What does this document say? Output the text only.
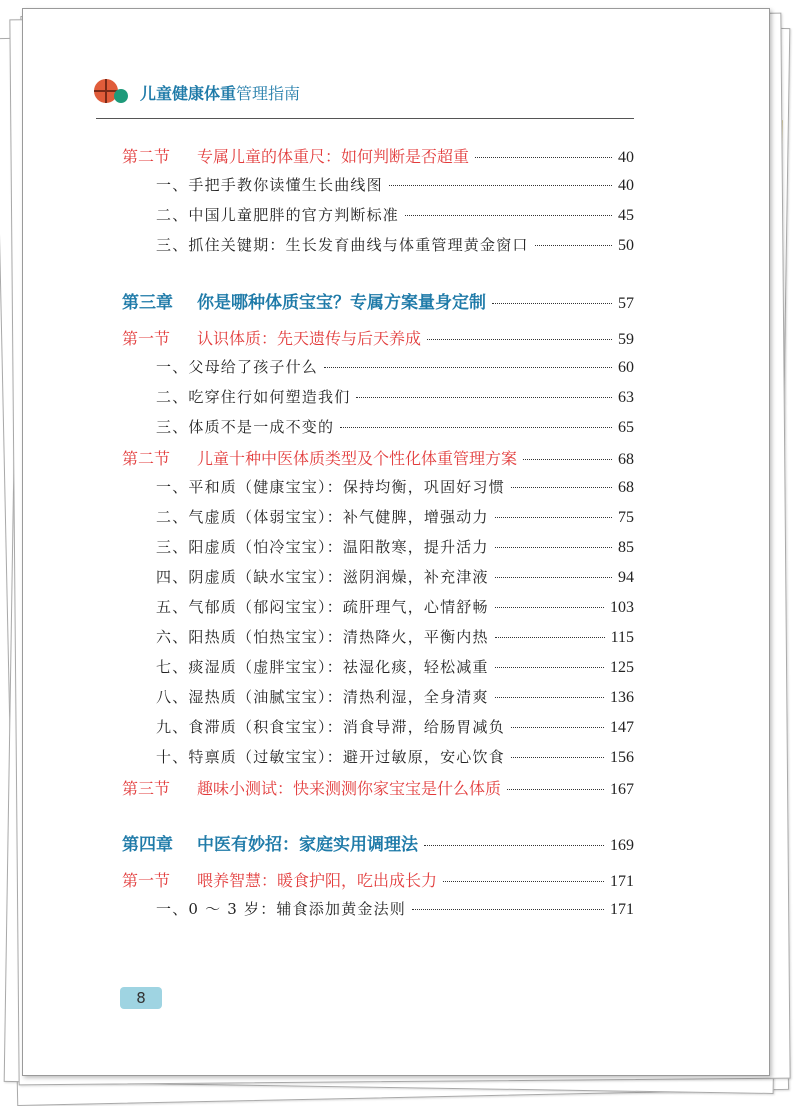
儿童健康体重 管理指南
第二节 专属儿童的体重尺：如何判断是否超重	40
一、手把手教你读懂生长曲线图	40
二、中国儿童肥胖的官方判断标准	45
三、抓住关键期：生长发育曲线与体重管理黄金窗口	50
第三章 你是哪种体质宝宝？专属方案量身定制	57
第一节 认识体质：先天遗传与后天养成	59
一、父母给了孩子什么	60
二、吃穿住行如何塑造我们	63
三、体质不是一成不变的	65
第二节 儿童十种中医体质类型及个性化体重管理方案	68
一、平和质（健康宝宝）：保持均衡，巩固好习惯	68
二、气虚质（体弱宝宝）：补气健脾，增强动力	75
三、阳虚质（怕冷宝宝）：温阳散寒，提升活力	85
四、阴虚质（缺水宝宝）：滋阴润燥，补充津液	94
五、气郁质（郁闷宝宝）：疏肝理气，心情舒畅	103
六、阳热质（怕热宝宝）：清热降火，平衡内热	115
七、痰湿质（虚胖宝宝）：祛湿化痰，轻松减重	125
八、湿热质（油腻宝宝）：清热利湿，全身清爽	136
九、食滞质（积食宝宝）：消食导滞，给肠胃减负	147
十、特禀质（过敏宝宝）：避开过敏原，安心饮食	156
第三节 趣味小测试：快来测测你家宝宝是什么体质	167
第四章 中医有妙招：家庭实用调理法	169
第一节 喂养智慧：暖食护阳，吃出成长力	171
一、0 ～ 3 岁：辅食添加黄金法则	171
8
